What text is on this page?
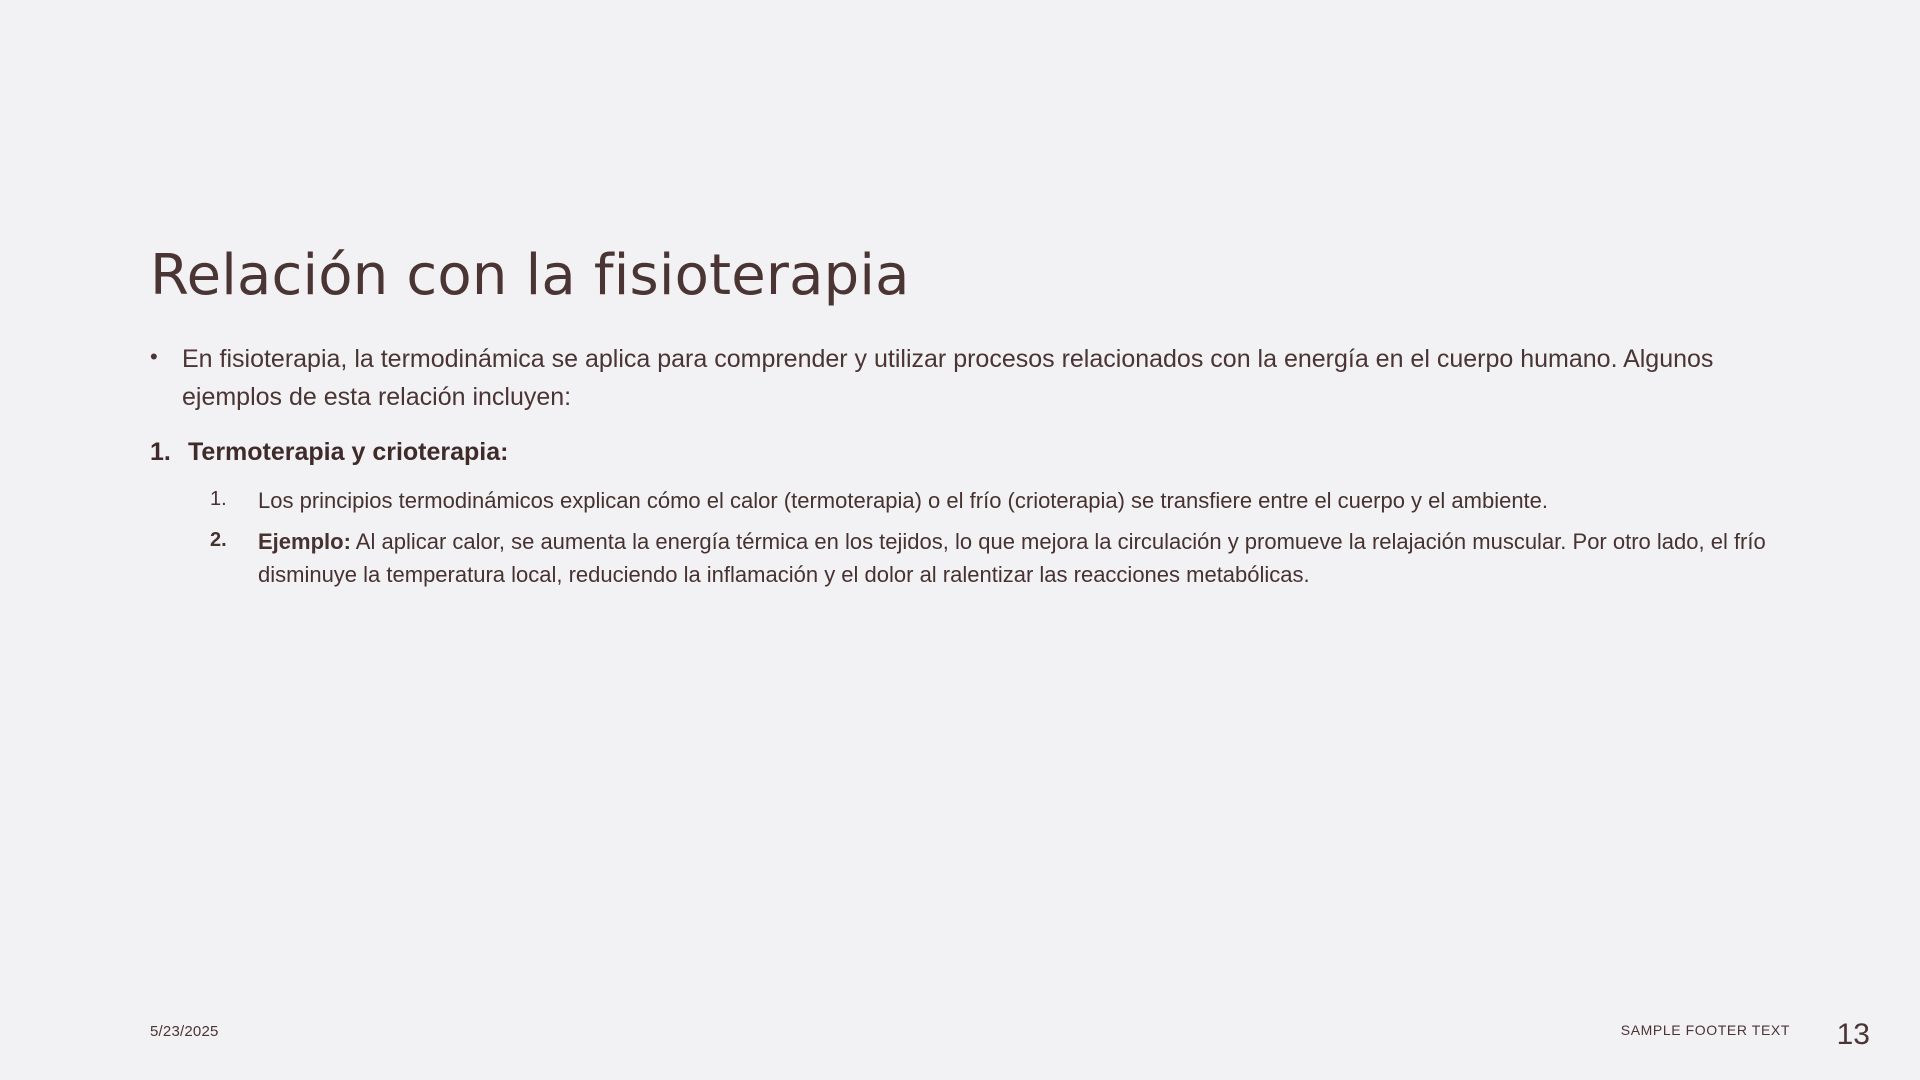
Relación con la fisioterapia
• En fisioterapia, la termodinámica se aplica para comprender y utilizar procesos relacionados con la energía en el cuerpo humano. Algunos ejemplos de esta relación incluyen:
1. Termoterapia y crioterapia:
1.	Los principios termodinámicos explican cómo el calor (termoterapia) o el frío (crioterapia) se transfiere entre el cuerpo y el ambiente.
2.	Ejemplo: Al aplicar calor, se aumenta la energía térmica en los tejidos, lo que mejora la circulación y promueve la relajación muscular. Por otro lado, el frío disminuye la temperatura local, reduciendo la inflamación y el dolor al ralentizar las reacciones metabólicas.
5/23/2025	SAMPLE FOOTER TEXT 13
